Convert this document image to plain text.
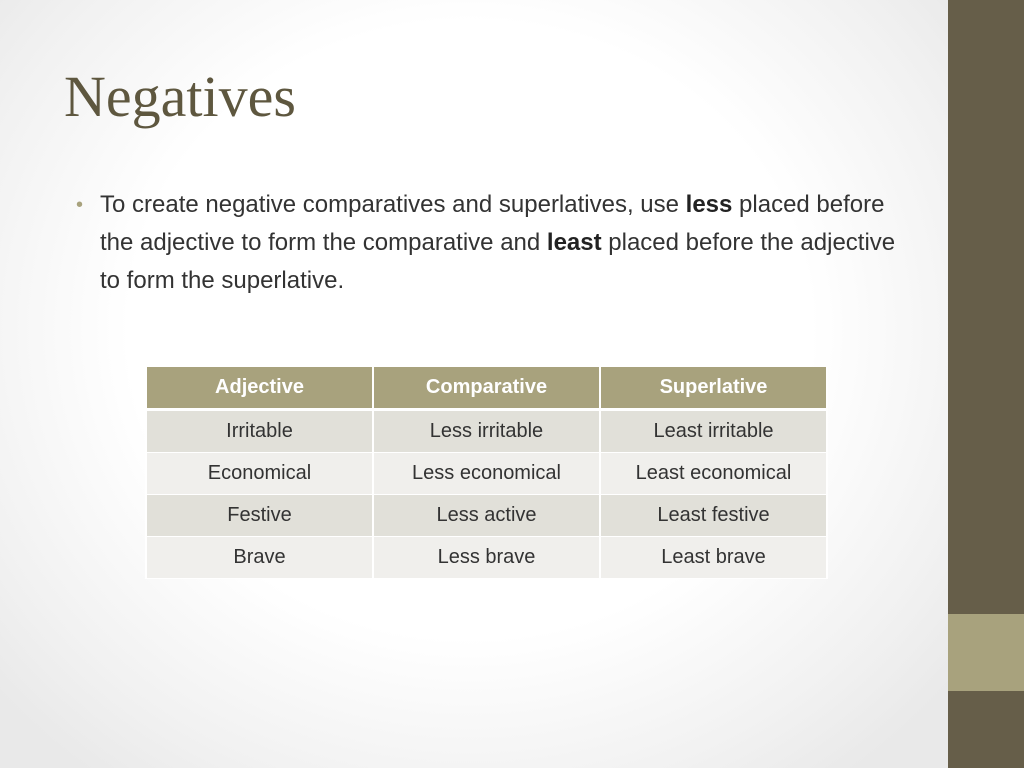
Negatives
• To create negative comparatives and superlatives, use less placed before the adjective to form the comparative and least placed before the adjective to form the superlative.
Adjective	Comparative	Superlative
Irritable	Less irritable	Least irritable
Economical	Less economical	Least economical
Festive	Less active	Least festive
Brave	Less brave	Least brave
